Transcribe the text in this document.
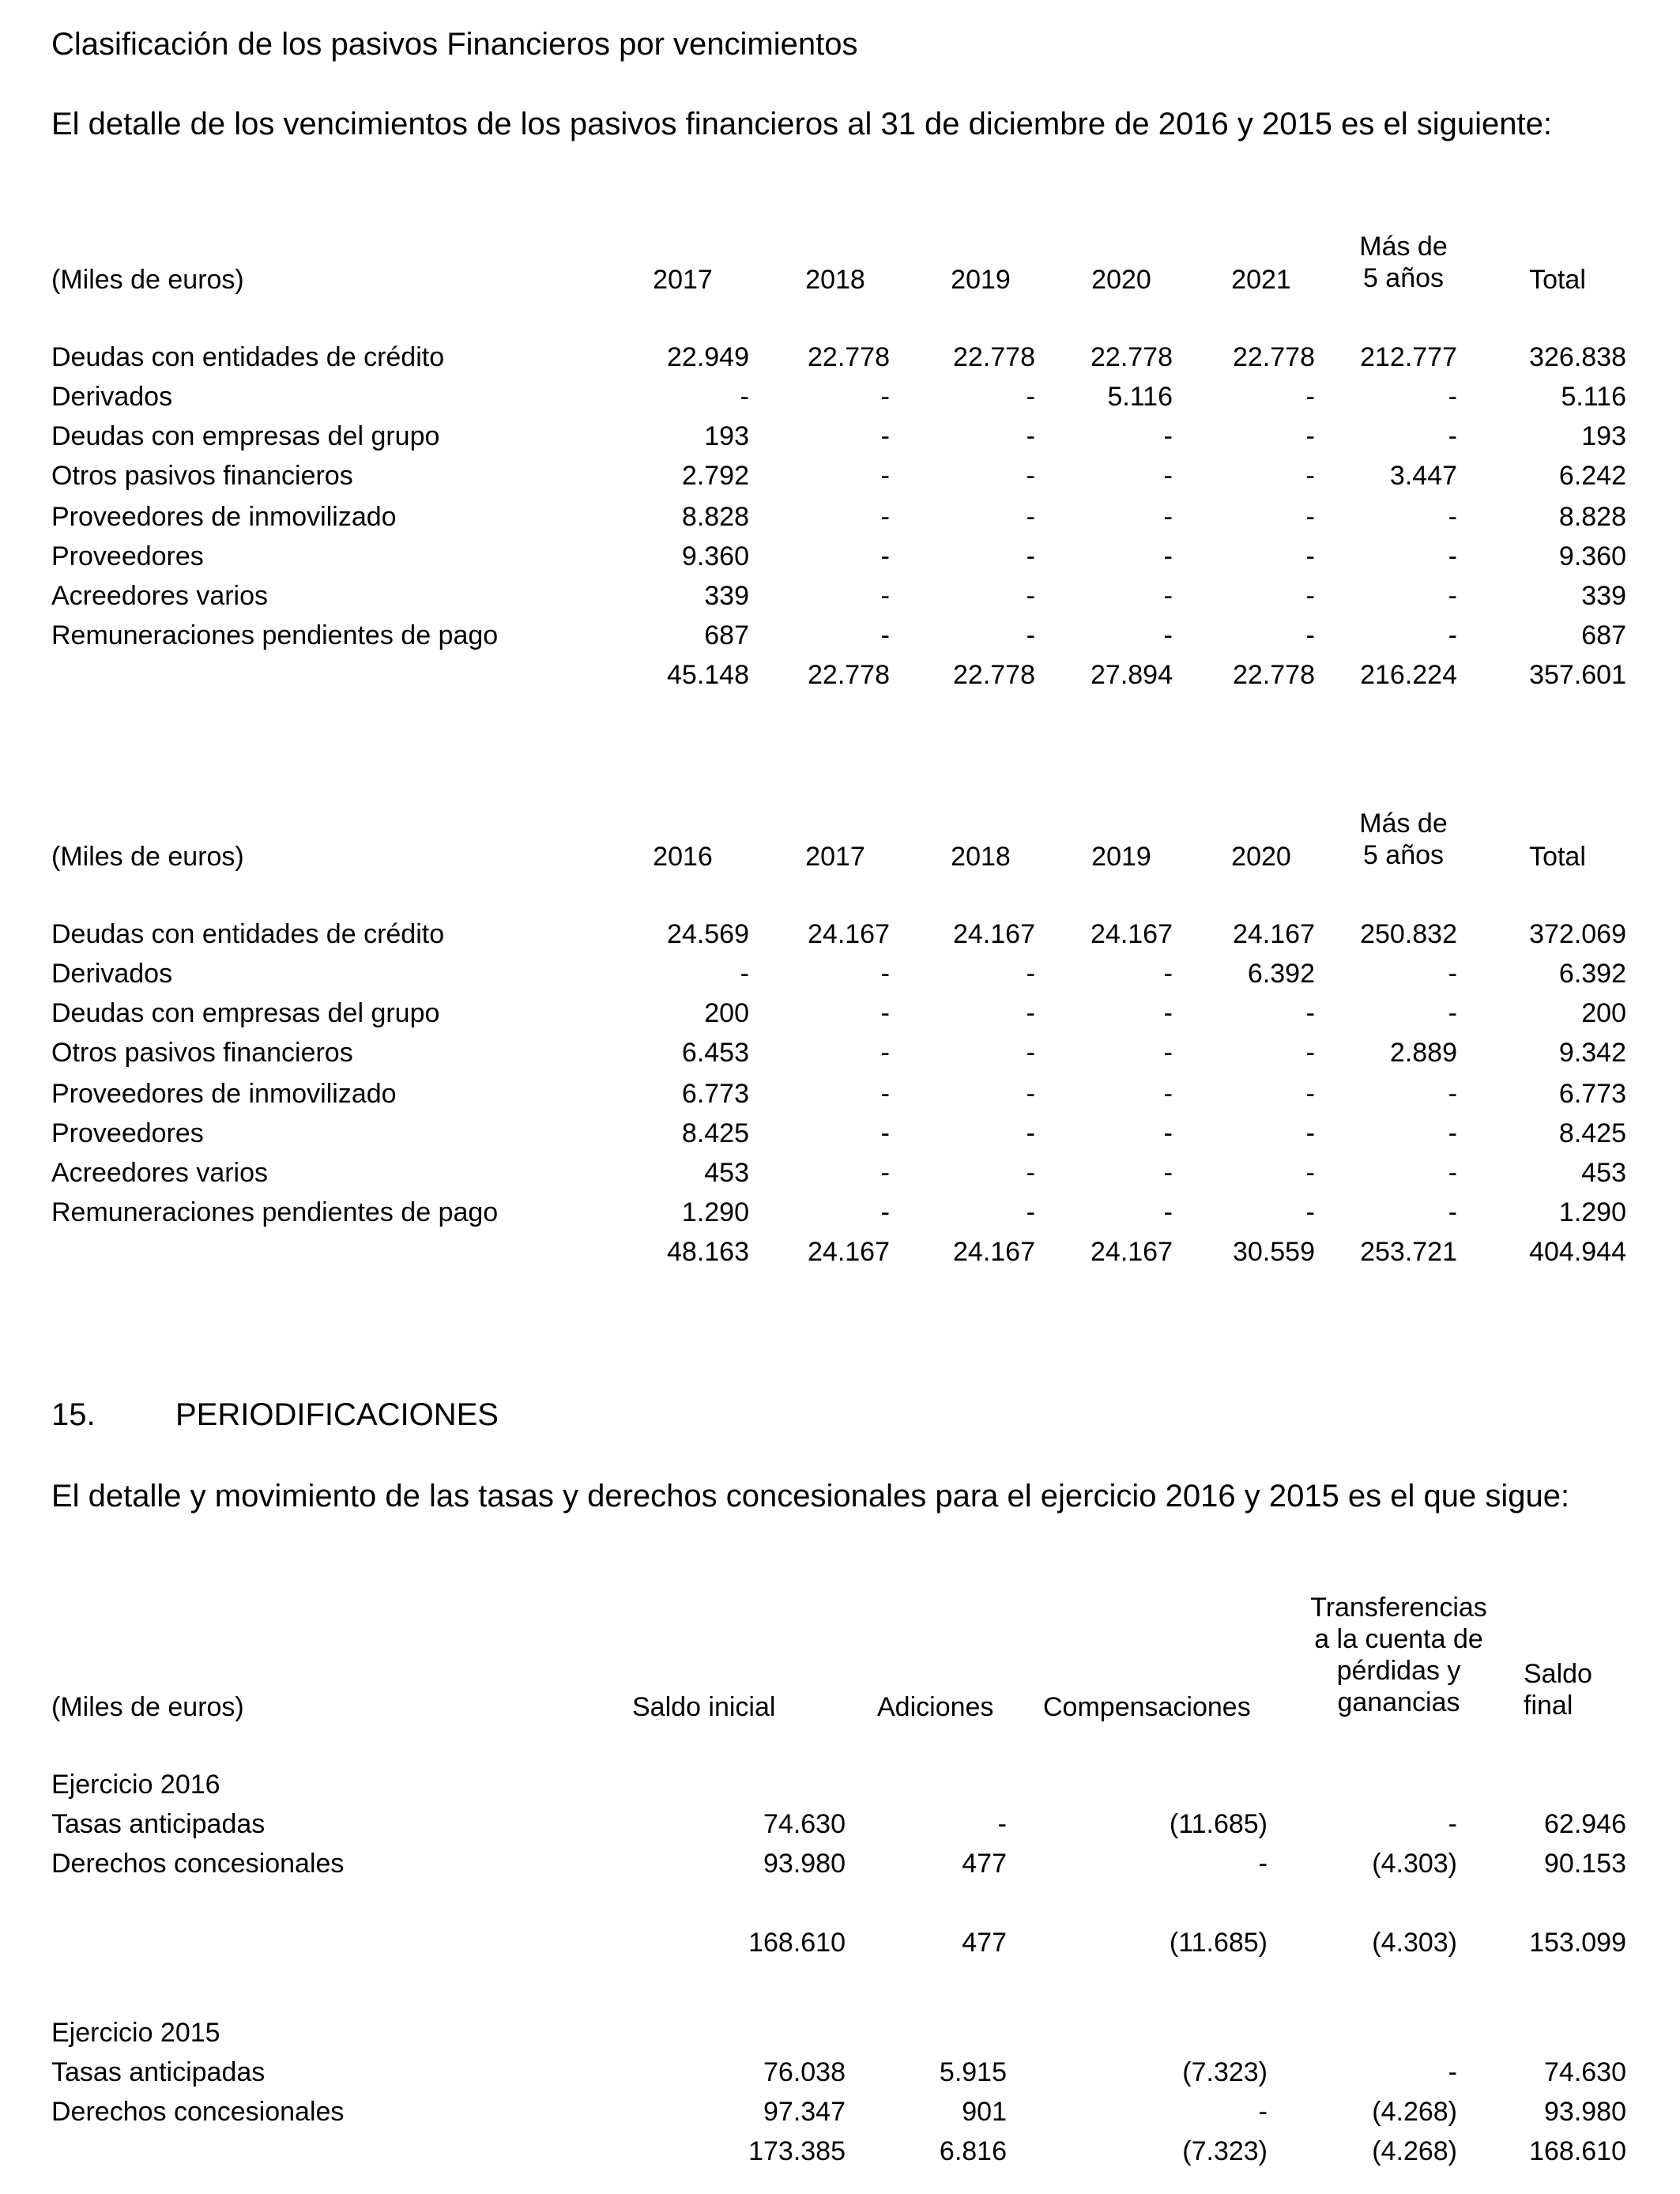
Clasificación de los pasivos Financieros por vencimientos
El detalle de los vencimientos de los pasivos financieros al 31 de diciembre de 2016 y 2015 es el siguiente:
(Miles de euros)	2017	2018	2019	2020	2021
Más de
5 años	Total
Deudas con entidades de crédito	22.949	22.778	22.778	22.778	22.778	212.777	326.838
Derivados	-	-	-	5.116	-	-	5.116
Deudas con empresas del grupo	193	-	-	-	-	-	193
Otros pasivos financieros	2.792	-	-	-	-	3.447	6.242
Proveedores de inmovilizado	8.828	-	-	-	-	-	8.828
Proveedores	9.360	-	-	-	-	-	9.360
Acreedores varios	339	-	-	-	-	-	339
Remuneraciones pendientes de pago	687	-	-	-	-	-	687
45.148	22.778	22.778	27.894	22.778	216.224	357.601
(Miles de euros)	2016	2017	2018	2019	2020
Más de
5 años	Total
Deudas con entidades de crédito	24.569	24.167	24.167	24.167	24.167	250.832	372.069
Derivados	-	-	-	-	6.392	-	6.392
Deudas con empresas del grupo	200	-	-	-	-	-	200
Otros pasivos financieros	6.453	-	-	-	-	2.889	9.342
Proveedores de inmovilizado	6.773	-	-	-	-	-	6.773
Proveedores	8.425	-	-	-	-	-	8.425
Acreedores varios	453	-	-	-	-	-	453
Remuneraciones pendientes de pago	1.290	-	-	-	-	-	1.290
48.163	24.167	24.167	24.167	30.559	253.721	404.944
15.	PERIODIFICACIONES
El detalle y movimiento de las tasas y derechos concesionales para el ejercicio 2016 y 2015 es el que sigue:
(Miles de euros)	Saldo inicial	Adiciones	Compensaciones
Transferencias
a la cuenta de
pérdidas y
ganancias
Saldo
final
Ejercicio 2016
Tasas anticipadas	74.630	-	(11.685)	-	62.946
Derechos concesionales	93.980	477	-	(4.303)	90.153
168.610	477	(11.685)	(4.303)	153.099
Ejercicio 2015
Tasas anticipadas	76.038	5.915	(7.323)	-	74.630
Derechos concesionales	97.347	901	-	(4.268)	93.980
173.385	6.816	(7.323)	(4.268)	168.610
